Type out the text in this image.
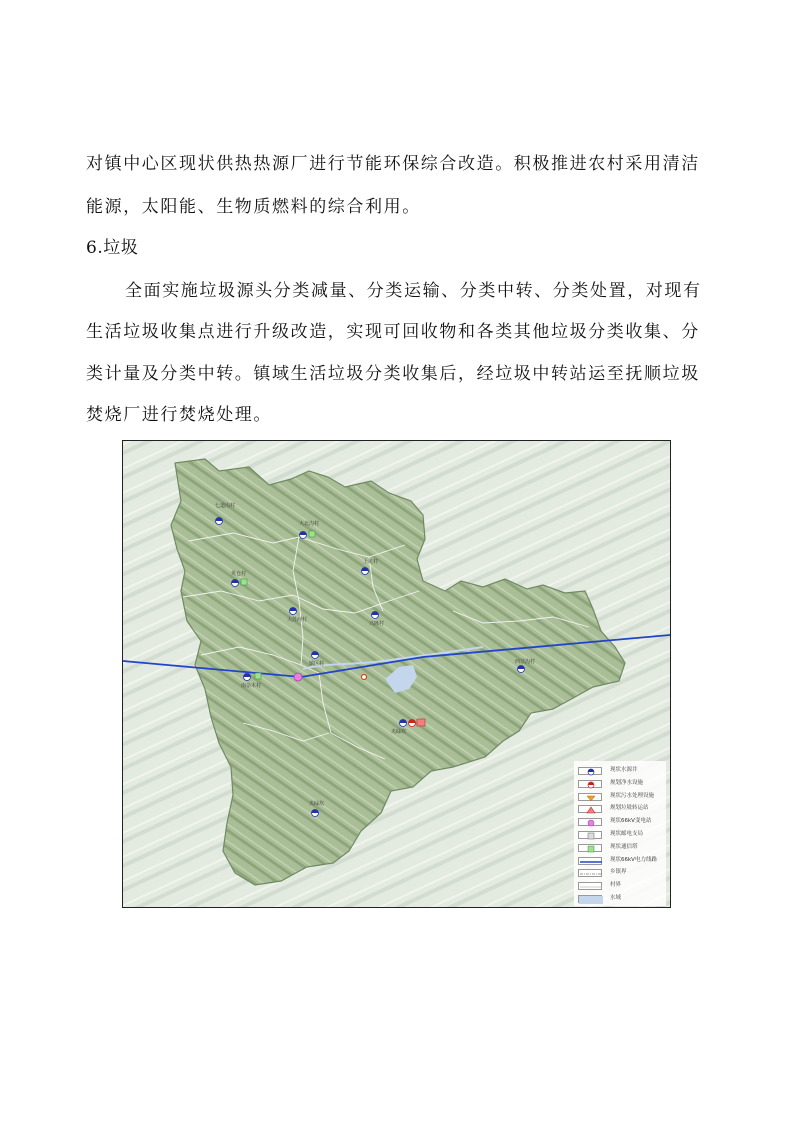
对镇中心区现状供热热源厂进行节能环保综合改造。积极推进农村采用清洁
能源，太阳能、生物质燃料的综合利用。
6.垃圾
全面实施垃圾源头分类减量、分类运输、分类中转、分类处置，对现有
生活垃圾收集点进行升级改造，实现可回收物和各类其他垃圾分类收集、分
类计量及分类中转。镇域生活垃圾分类收集后，经垃圾中转站运至抚顺垃圾
焚烧厂进行焚烧处理。
七道沟村
大北沟村
英仓村
上花村
大苏河村
南杂木村
镇区村
兴隆村
西岔沟村
夹碌坎
夹碌坎
现状水源井
规划净水设施
现状污水处理设施
规划垃圾转运站
现状66kV变电站
现状邮电支局
现状通信塔
现状66kV电力线路
乡镇界
村界
水域
